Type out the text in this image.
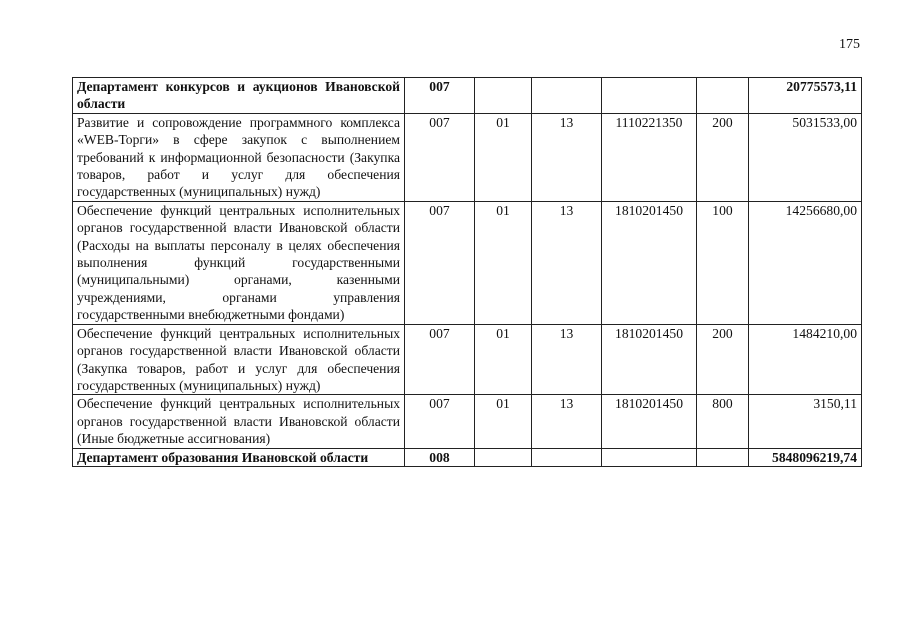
175
Департамент конкурсов и аукционов Ивановской области	007					20775573,11
Развитие и сопровождение программного комплекса «WEB-Торги» в сфере закупок с выполнением требований к информационной безопасности (Закупка товаров, работ и услуг для обеспечения государственных (муниципальных) нужд)	007	01	13	1110221350	200	5031533,00
Обеспечение функций центральных исполнительных органов государственной власти Ивановской области (Расходы на выплаты персоналу в целях обеспечения выполнения функций государственными (муниципальными) органами, казенными учреждениями, органами управления государственными внебюджетными фондами)	007	01	13	1810201450	100	14256680,00
Обеспечение функций центральных исполнительных органов государственной власти Ивановской области (Закупка товаров, работ и услуг для обеспечения государственных (муниципальных) нужд)	007	01	13	1810201450	200	1484210,00
Обеспечение функций центральных исполнительных органов государственной власти Ивановской области (Иные бюджетные ассигнования)	007	01	13	1810201450	800	3150,11
Департамент образования Ивановской области	008					5848096219,74
